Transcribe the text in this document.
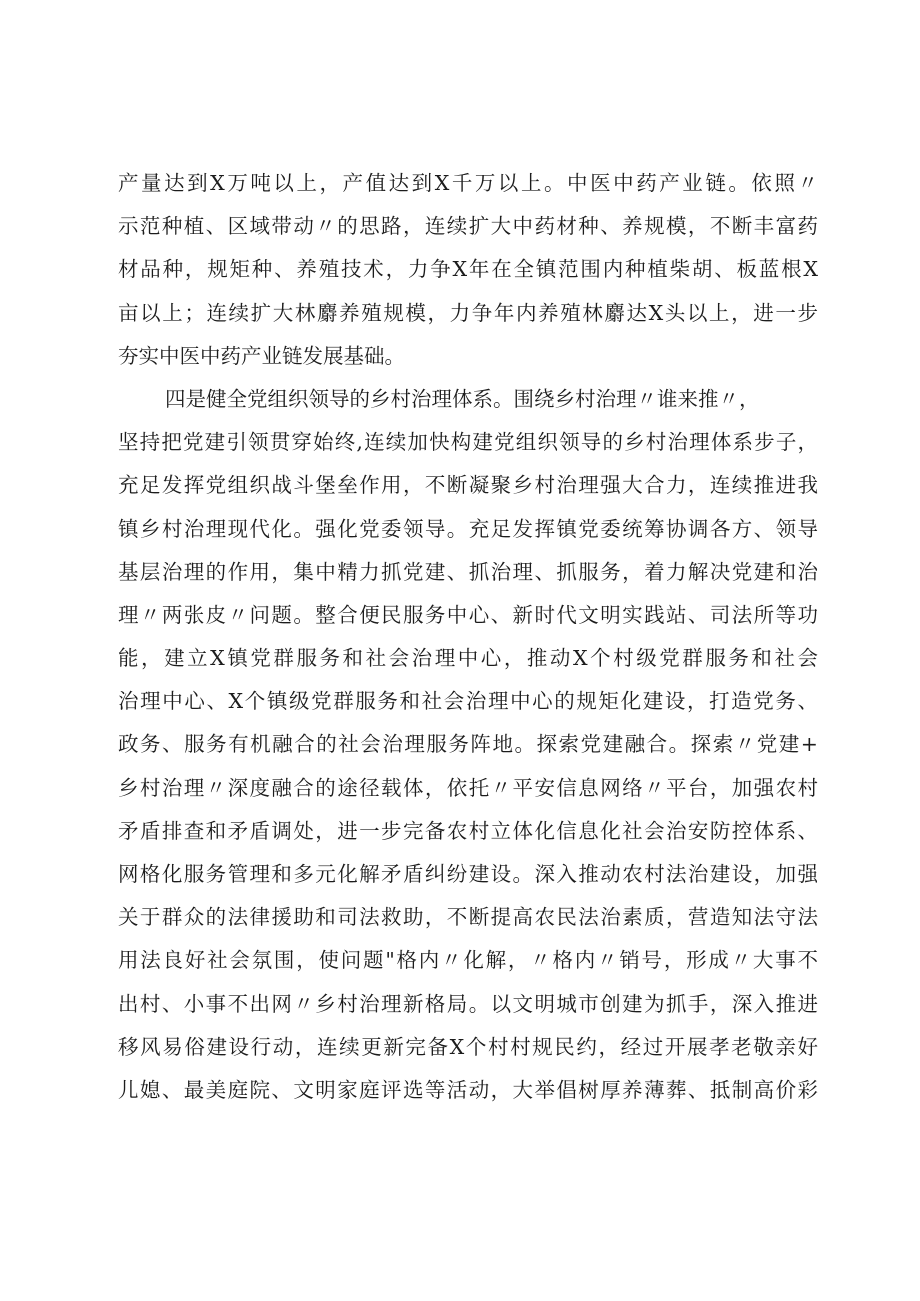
产量达到X万吨以上，产值达到X千万以上。中医中药产业链。依照〃
示范种植、区域带动〃的思路，连续扩大中药材种、养规模，不断丰富药
材品种，规矩种、养殖技术，力争X年在全镇范围内种植柴胡、板蓝根X
亩以上；连续扩大林麝养殖规模，力争年内养殖林麝达X头以上，进一步
夯实中医中药产业链发展基础。
四是健全党组织领导的乡村治理体系。围绕乡村治理〃谁来推〃，
坚持把党建引领贯穿始终,连续加快构建党组织领导的乡村治理体系步子，
充足发挥党组织战斗堡垒作用，不断凝聚乡村治理强大合力，连续推进我
镇乡村治理现代化。强化党委领导。充足发挥镇党委统筹协调各方、领导
基层治理的作用，集中精力抓党建、抓治理、抓服务，着力解决党建和治
理〃两张皮〃问题。整合便民服务中心、新时代文明实践站、司法所等功
能，建立X镇党群服务和社会治理中心，推动X个村级党群服务和社会
治理中心、X个镇级党群服务和社会治理中心的规矩化建设，打造党务、
政务、服务有机融合的社会治理服务阵地。探索党建融合。探索〃党建+
乡村治理〃深度融合的途径载体，依托〃平安信息网络〃平台，加强农村
矛盾排查和矛盾调处，进一步完备农村立体化信息化社会治安防控体系、
网格化服务管理和多元化解矛盾纠纷建设。深入推动农村法治建设，加强
关于群众的法律援助和司法救助，不断提高农民法治素质，营造知法守法
用法良好社会氛围，使问题"格内〃化解，〃格内〃销号，形成〃大事不
出村、小事不出网〃乡村治理新格局。以文明城市创建为抓手，深入推进
移风易俗建设行动，连续更新完备X个村村规民约，经过开展孝老敬亲好
儿媳、最美庭院、文明家庭评选等活动，大举倡树厚养薄葬、抵制高价彩
